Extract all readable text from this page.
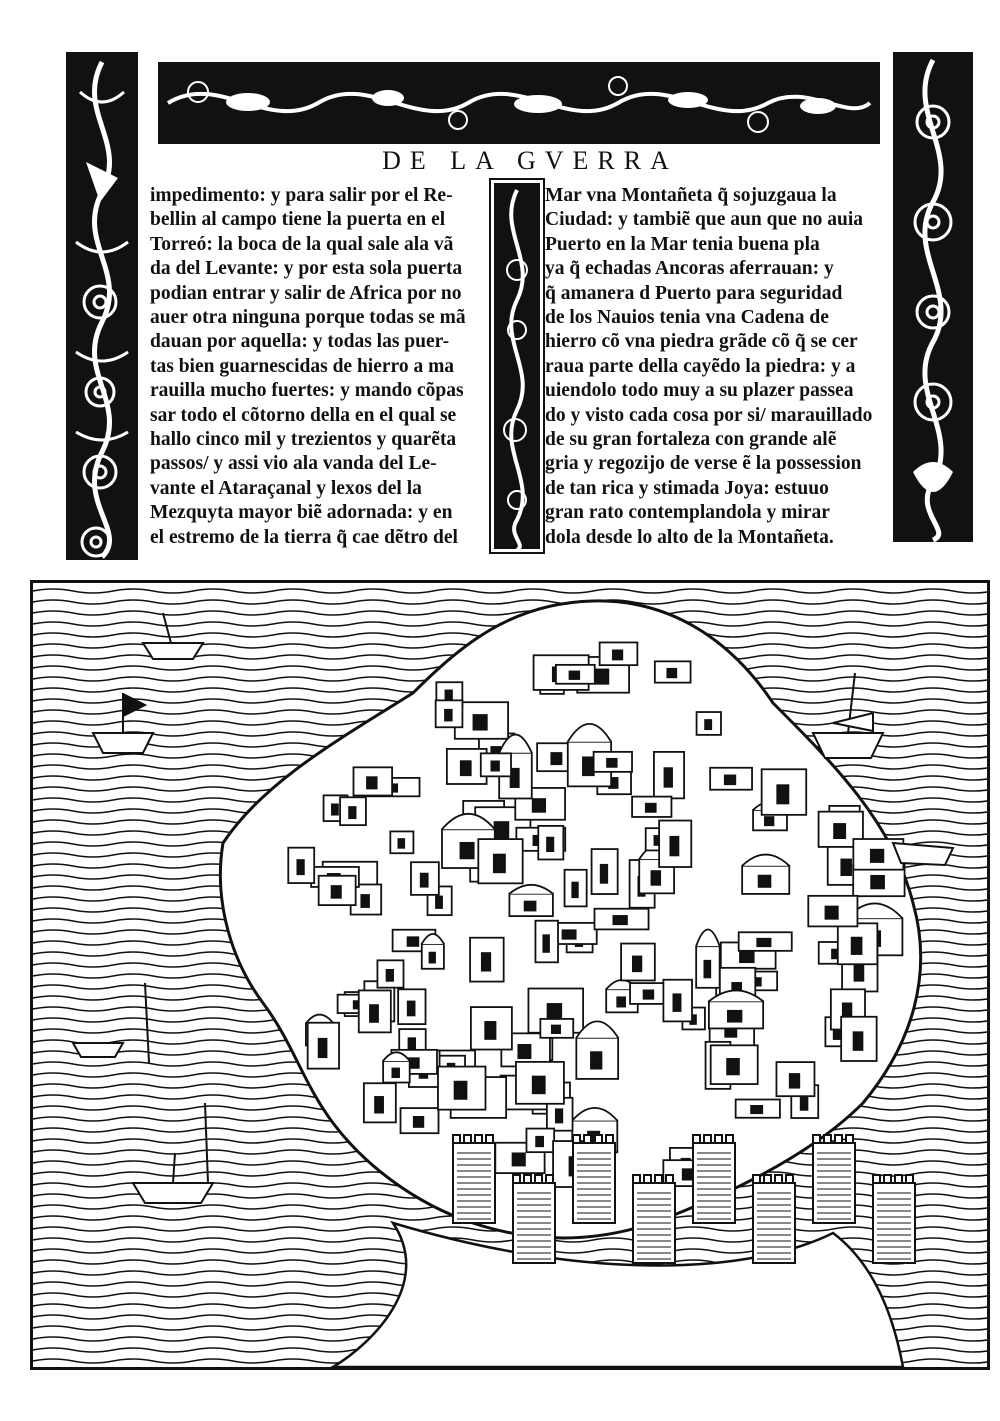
DE LA GVERRA
impedimento: y para salir por el Re-
bellin al campo tiene la puerta en el
Torreó: la boca de la qual sale ala vã
da del Levante: y por esta sola puerta
podian entrar y salir de Africa por no
auer otra ninguna porque todas se mã
dauan por aquella: y todas las puer-
tas bien guarnescidas de hierro a ma
rauilla mucho fuertes: y mando cõpas
sar todo el cõtorno della en el qual se
hallo cinco mil y trezientos y quarẽta
passos/ y assi vio ala vanda del Le-
vante el Ataraçanal y lexos del la
Mezquyta mayor biẽ adornada: y en
el estremo de la tierra q̃ cae dẽtro del
Mar vna Montañeta q̃ sojuzgaua la
Ciudad: y tambiẽ que aun que no auia
Puerto en la Mar tenia buena pla
ya q̃ echadas Ancoras aferrauan: y
q̃ amanera d Puerto para seguridad
de los Nauios tenia vna Cadena de
hierro cõ vna piedra grãde cõ q̃ se cer
raua parte della cayẽdo la piedra: y a
uiendolo todo muy a su plazer passea
do y visto cada cosa por si/ marauillado
de su gran fortaleza con grande alẽ
gria y regozijo de verse ẽ la possession
de tan rica y stimada Joya: estuuo
gran rato contemplandola y mirar
dola desde lo alto de la Montañeta.
